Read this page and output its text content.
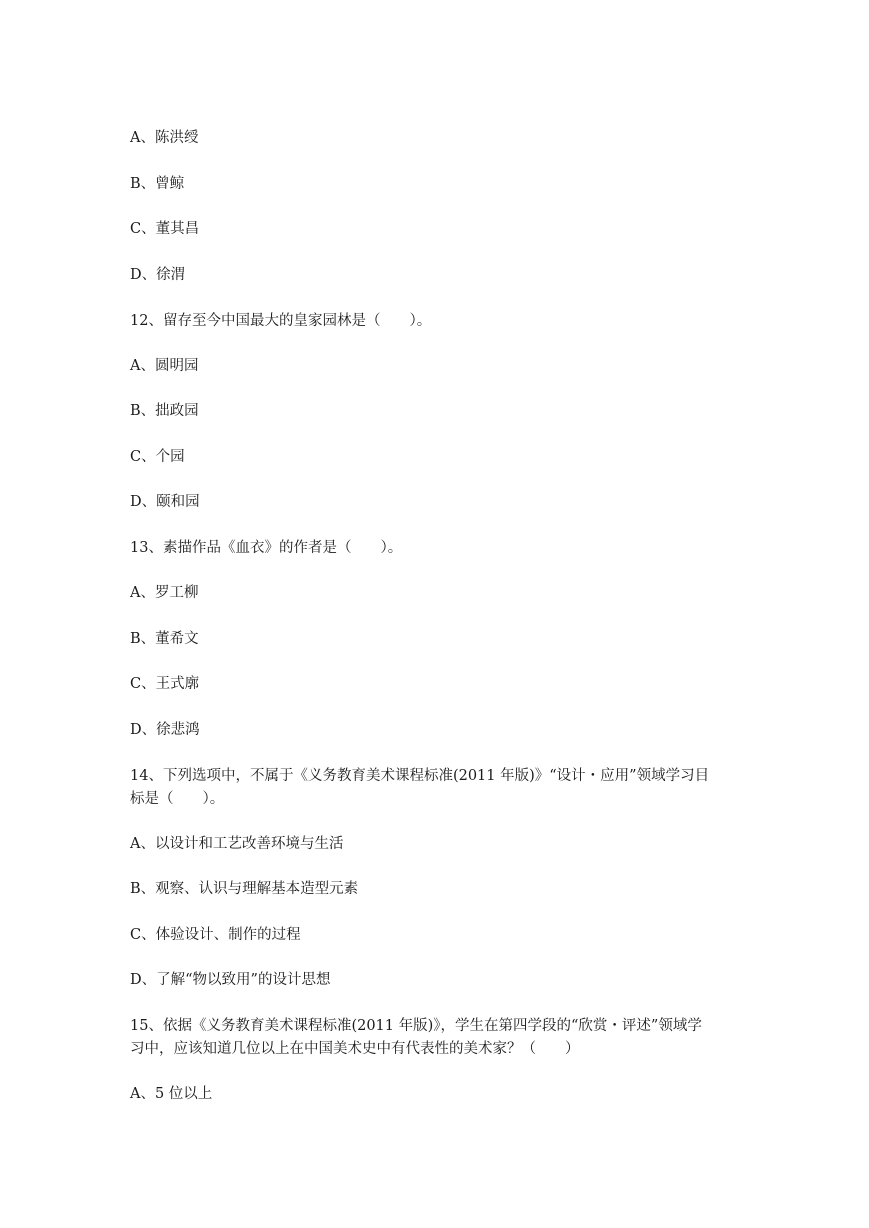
A、陈洪绶
B、曾鲸
C、董其昌
D、徐渭
12、留存至今中国最大的皇家园林是（　　）。
A、圆明园
B、拙政园
C、个园
D、颐和园
13、素描作品《血衣》的作者是（　　）。
A、罗工柳
B、董希文
C、王式廓
D、徐悲鸿
14、下列选项中，不属于《义务教育美术课程标准(2011 年版)》“设计・应用”领域学习目
标是（　　）。
A、以设计和工艺改善环境与生活
B、观察、认识与理解基本造型元素
C、体验设计、制作的过程
D、了解“物以致用”的设计思想
15、依据《义务教育美术课程标准(2011 年版)》，学生在第四学段的“欣赏・评述”领域学
习中，应该知道几位以上在中国美术史中有代表性的美术家？（　　）
A、5 位以上
